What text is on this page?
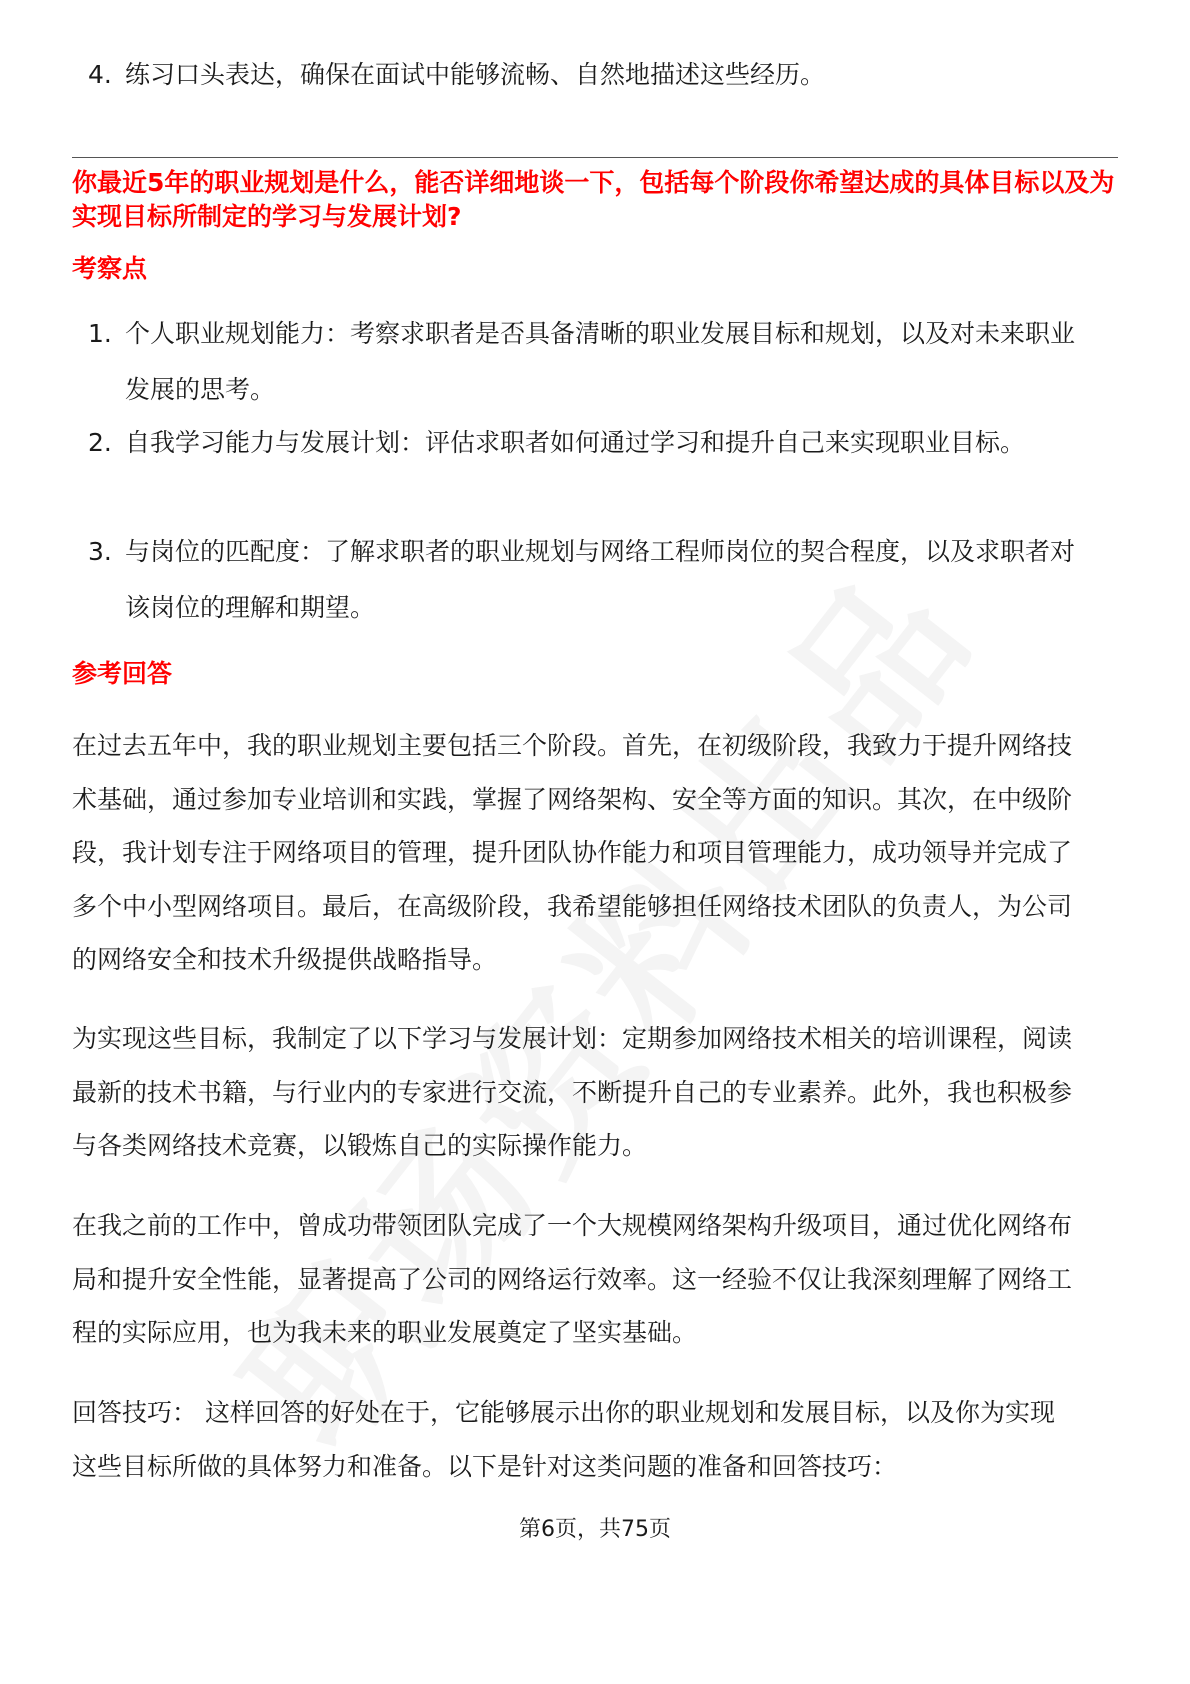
4. 练习口头表达，确保在面试中能够流畅、自然地描述这些经历。

你最近5年的职业规划是什么，能否详细地谈一下，包括每个阶段你希望达成的具体目标以及为实现目标所制定的学习与发展计划?

考察点
1. 个人职业规划能力：考察求职者是否具备清晰的职业发展目标和规划，以及对未来职业发展的思考。
2. 自我学习能力与发展计划：评估求职者如何通过学习和提升自己来实现职业目标。
3. 与岗位的匹配度：了解求职者的职业规划与网络工程师岗位的契合程度，以及求职者对该岗位的理解和期望。
参考回答

在过去五年中，我的职业规划主要包括三个阶段。首先，在初级阶段，我致力于提升网络技术基础，通过参加专业培训和实践，掌握了网络架构、安全等方面的知识。其次，在中级阶段，我计划专注于网络项目的管理，提升团队协作能力和项目管理能力，成功领导并完成了多个中小型网络项目。最后，在高级阶段，我希望能够担任网络技术团队的负责人，为公司的网络安全和技术升级提供战略指导。

为实现这些目标，我制定了以下学习与发展计划：定期参加网络技术相关的培训课程，阅读最新的技术书籍，与行业内的专家进行交流，不断提升自己的专业素养。此外，我也积极参与各类网络技术竞赛，以锻炼自己的实际操作能力。

在我之前的工作中，曾成功带领团队完成了一个大规模网络架构升级项目，通过优化网络布局和提升安全性能，显著提高了公司的网络运行效率。这一经验不仅让我深刻理解了网络工程的实际应用，也为我未来的职业发展奠定了坚实基础。

回答技巧： 这样回答的好处在于，它能够展示出你的职业规划和发展目标，以及你为实现这些目标所做的具体努力和准备。以下是针对这类问题的准备和回答技巧：

第6页，共75页
